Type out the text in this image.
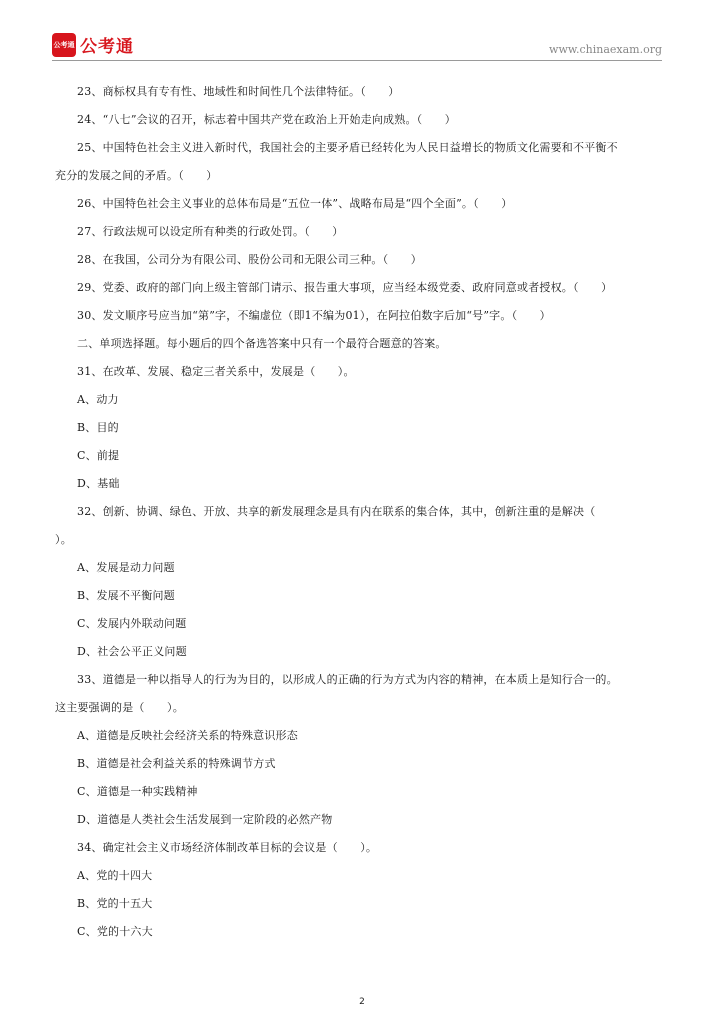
公考通 公考通	www.chinaexam.org

23、商标权具有专有性、地域性和时间性几个法律特征。（　　）

24、“八七”会议的召开，标志着中国共产党在政治上开始走向成熟。（　　）

25、中国特色社会主义进入新时代，我国社会的主要矛盾已经转化为人民日益增长的物质文化需要和不平衡不

充分的发展之间的矛盾。（　　）

26、中国特色社会主义事业的总体布局是“五位一体”、战略布局是“四个全面”。（　　）

27、行政法规可以设定所有种类的行政处罚。（　　）

28、在我国，公司分为有限公司、股份公司和无限公司三种。（　　）

29、党委、政府的部门向上级主管部门请示、报告重大事项，应当经本级党委、政府同意或者授权。（　　）

30、发文顺序号应当加“第”字，不编虚位（即1不编为01），在阿拉伯数字后加“号”字。（　　）

二、单项选择题。每小题后的四个备选答案中只有一个最符合题意的答案。

31、在改革、发展、稳定三者关系中，发展是（　　）。

A、动力

B、目的

C、前提

D、基础

32、创新、协调、绿色、开放、共享的新发展理念是具有内在联系的集合体，其中，创新注重的是解决（

）。

A、发展是动力问题

B、发展不平衡问题

C、发展内外联动问题

D、社会公平正义问题

33、道德是一种以指导人的行为为目的，以形成人的正确的行为方式为内容的精神，在本质上是知行合一的。

这主要强调的是（　　）。

A、道德是反映社会经济关系的特殊意识形态

B、道德是社会利益关系的特殊调节方式

C、道德是一种实践精神

D、道德是人类社会生活发展到一定阶段的必然产物

34、确定社会主义市场经济体制改革目标的会议是（　　）。

A、党的十四大

B、党的十五大

C、党的十六大

2
